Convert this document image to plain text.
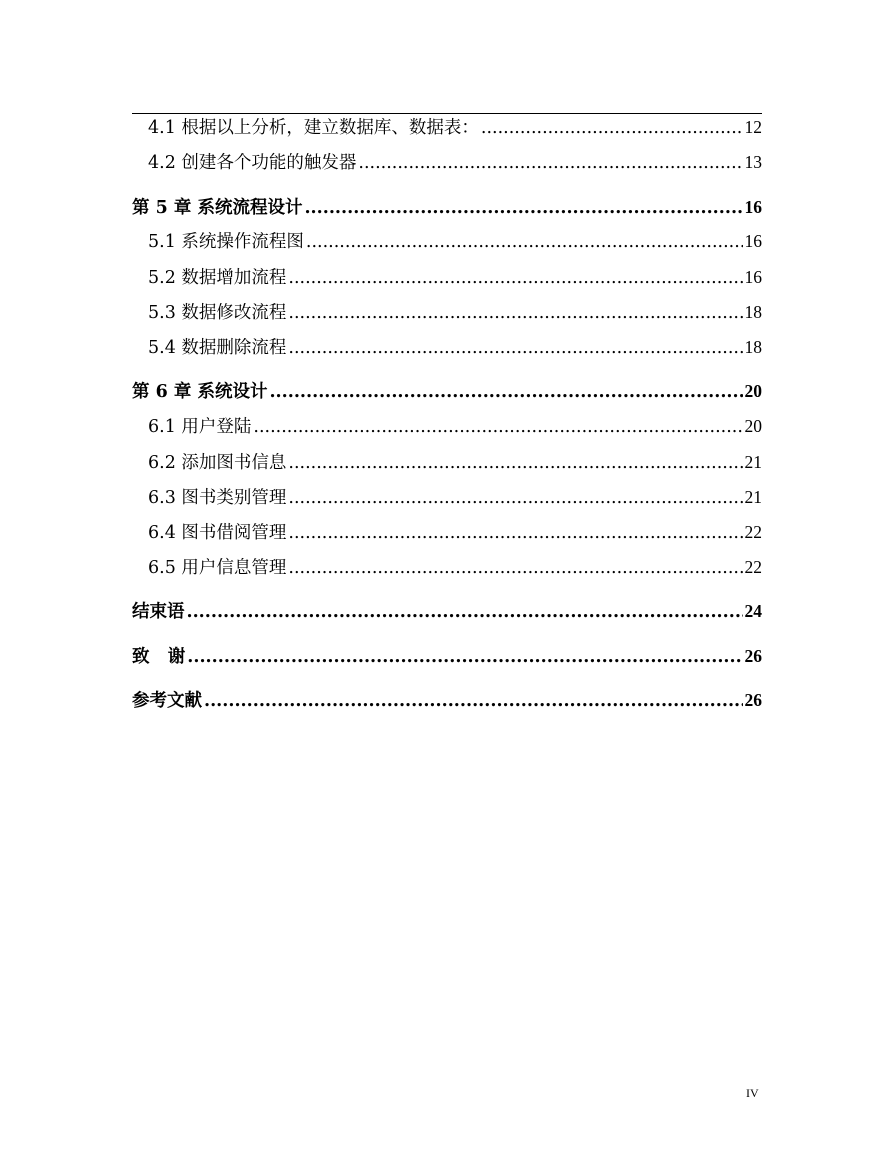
4.1 根据以上分析，建立数据库、数据表： .....	12
4.2 创建各个功能的触发器 .....	13
第 5 章 系统流程设计 .....	16
5.1 系统操作流程图 .....	16
5.2 数据增加流程 .....	16
5.3 数据修改流程 .....	18
5.4 数据删除流程 .....	18
第 6 章 系统设计 .....	20
6.1 用户登陆 .....	20
6.2 添加图书信息 .....	21
6.3 图书类别管理 .....	21
6.4 图书借阅管理 .....	22
6.5 用户信息管理 .....	22
结束语 .....	24
致   谢 .....	26
参考文献 .....	26
IV
